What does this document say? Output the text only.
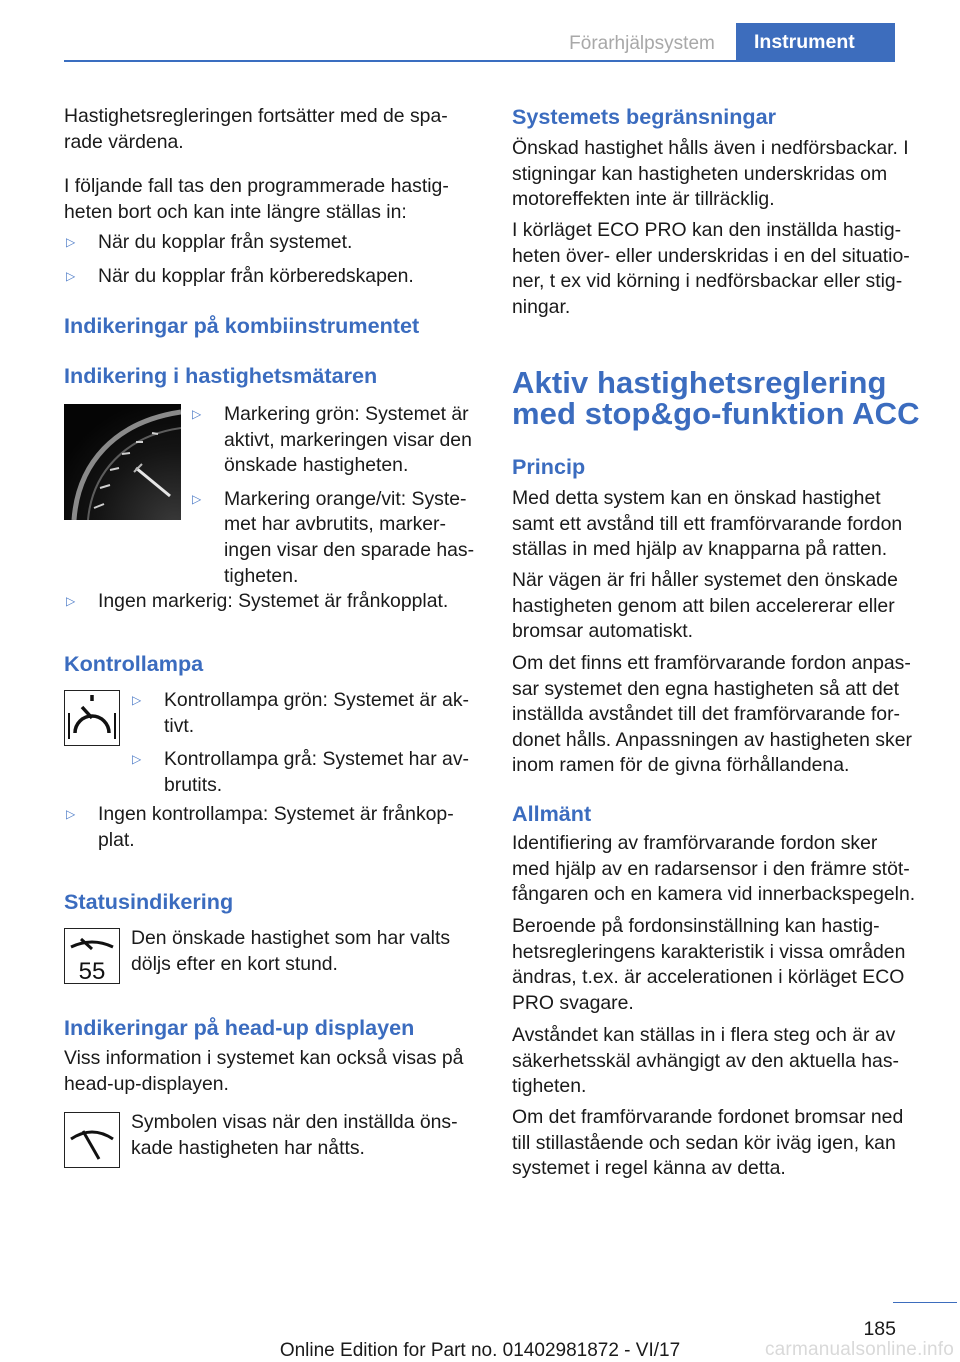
Förarhjälpsystem	Instrument

Hastighetsregleringen fortsätter med de spa-
rade värdena.

I följande fall tas den programmerade hastig-
heten bort och kan inte längre ställas in:

▷	När du kopplar från systemet.
▷	När du kopplar från körberedskapen.
Indikeringar på kombiinstrumentet
Indikering i hastighetsmätaren
▷	Markering grön: Systemet är
aktivt, markeringen visar den
önskade hastigheten.
▷	Markering orange/vit: Syste-
met har avbrutits, marker-
ingen visar den sparade has-
tigheten.
▷	Ingen markerig: Systemet är frånkopplat.
Kontrollampa
▷	Kontrollampa grön: Systemet är ak-
tivt.
▷	Kontrollampa grå: Systemet har av-
brutits.
▷	Ingen kontrollampa: Systemet är frånkop-
plat.
Statusindikering
55
Den önskade hastighet som har valts
döljs efter en kort stund.
Indikeringar på head-up displayen
Viss information i systemet kan också visas på
head-up-displayen.
Symbolen visas när den inställda öns-
kade hastigheten har nåtts.
Systemets begränsningar
Önskad hastighet hålls även i nedförsbackar. I
stigningar kan hastigheten underskridas om
motoreffekten inte är tillräcklig.
I körläget ECO PRO kan den inställda hastig-
heten över- eller underskridas i en del situatio-
ner, t ex vid körning i nedförsbackar eller stig-
ningar.
Aktiv hastighetsreglering
med stop&go-funktion ACC
Princip
Med detta system kan en önskad hastighet
samt ett avstånd till ett framförvarande fordon
ställas in med hjälp av knapparna på ratten.
När vägen är fri håller systemet den önskade
hastigheten genom att bilen accelererar eller
bromsar automatiskt.
Om det finns ett framförvarande fordon anpas-
sar systemet den egna hastigheten så att det
inställda avståndet till det framförvarande for-
donet hålls. Anpassningen av hastigheten sker
inom ramen för de givna förhållandena.
Allmänt
Identifiering av framförvarande fordon sker
med hjälp av en radarsensor i den främre stöt-
fångaren och en kamera vid innerbackspegeln.
Beroende på fordonsinställning kan hastig-
hetsregleringens karakteristik i vissa områden
ändras, t.ex. är accelerationen i körläget ECO
PRO svagare.
Avståndet kan ställas in i flera steg och är av
säkerhetsskäl avhängigt av den aktuella has-
tigheten.
Om det framförvarande fordonet bromsar ned
till stillastående och sedan kör iväg igen, kan
systemet i regel känna av detta.
185
Online Edition for Part no. 01402981872 - VI/17	carmanualsonline.info
